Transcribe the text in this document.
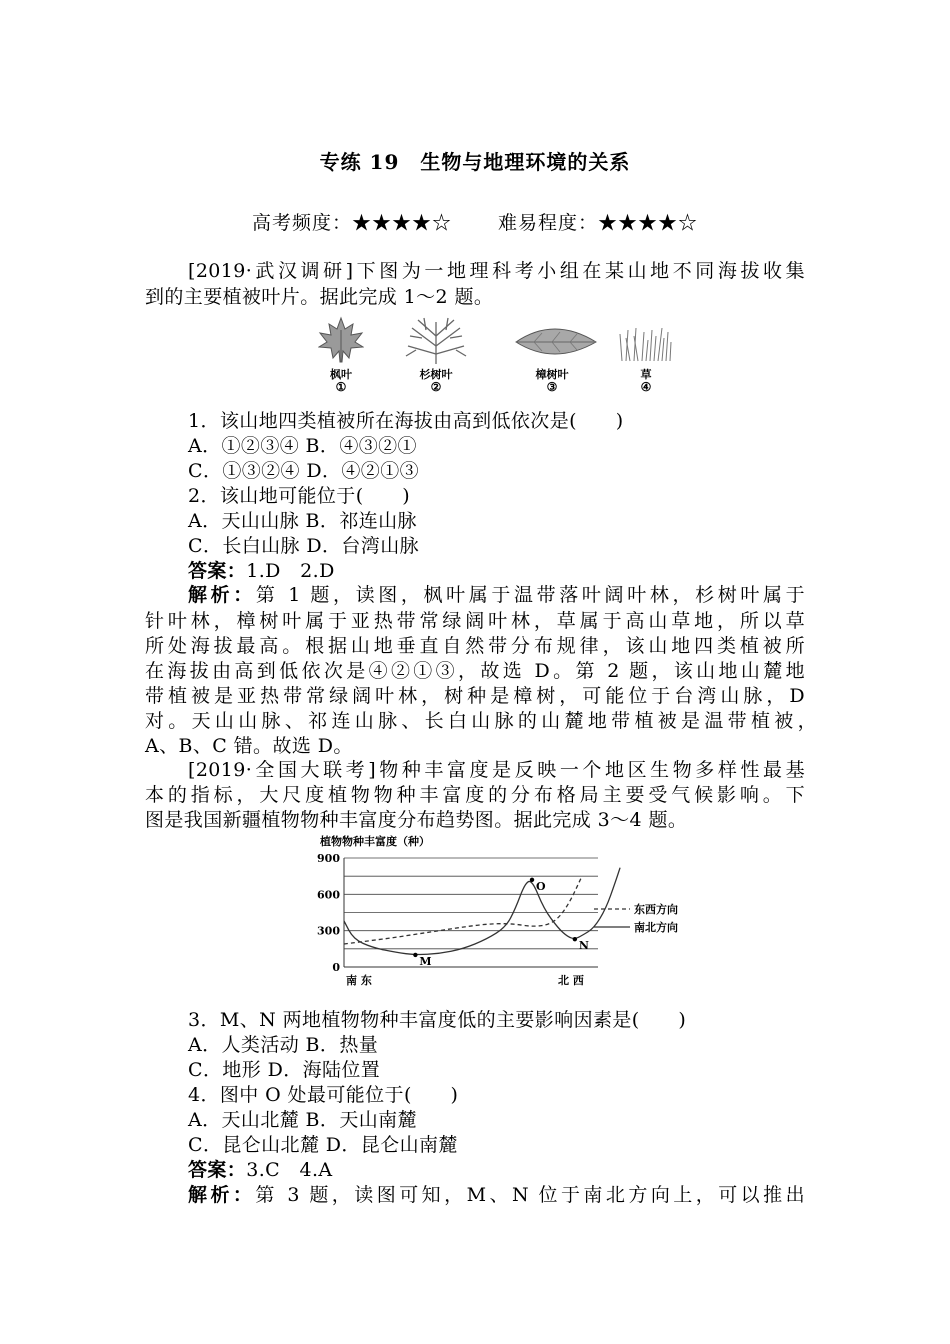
专练 19　生物与地理环境的关系
高考频度：★★★★☆ 难易程度：★★★★☆
[2019·武汉调研]下图为一地理科考小组在某山地不同海拔收集
到的主要植被叶片。据此完成 1～2 题。
枫叶
①
杉树叶
②
樟树叶
③
草
④
1．该山地四类植被所在海拔由高到低依次是(　　)
A．①②③④ B．④③②①
C．①③②④ D．④②①③
2．该山地可能位于(　　)
A．天山山脉 B．祁连山脉
C．长白山脉 D．台湾山脉
答案：1.D　2.D
解析：第 1 题，读图，枫叶属于温带落叶阔叶林，杉树叶属于
针叶林，樟树叶属于亚热带常绿阔叶林，草属于高山草地，所以草
所处海拔最高。根据山地垂直自然带分布规律，该山地四类植被所
在海拔由高到低依次是④②①③，故选 D。第 2 题，该山地山麓地
带植被是亚热带常绿阔叶林，树种是樟树，可能位于台湾山脉，D
对。天山山脉、祁连山脉、长白山脉的山麓地带植被是温带植被，
A、B、C 错。故选 D。
[2019·全国大联考]物种丰富度是反映一个地区生物多样性最基
本的指标，大尺度植物物种丰富度的分布格局主要受气候影响。下
图是我国新疆植物物种丰富度分布趋势图。据此完成 3～4 题。
植物物种丰富度（种）
0
300
600
900
M
O
N
南 东	北 西
东西方向
南北方向
3．M、N 两地植物物种丰富度低的主要影响因素是(　　)
A．人类活动 B．热量
C．地形 D．海陆位置
4．图中 O 处最可能位于(　　)
A．天山北麓 B．天山南麓
C．昆仑山北麓 D．昆仑山南麓
答案：3.C　4.A
解析：第 3 题，读图可知，M、N 位于南北方向上，可以推出
